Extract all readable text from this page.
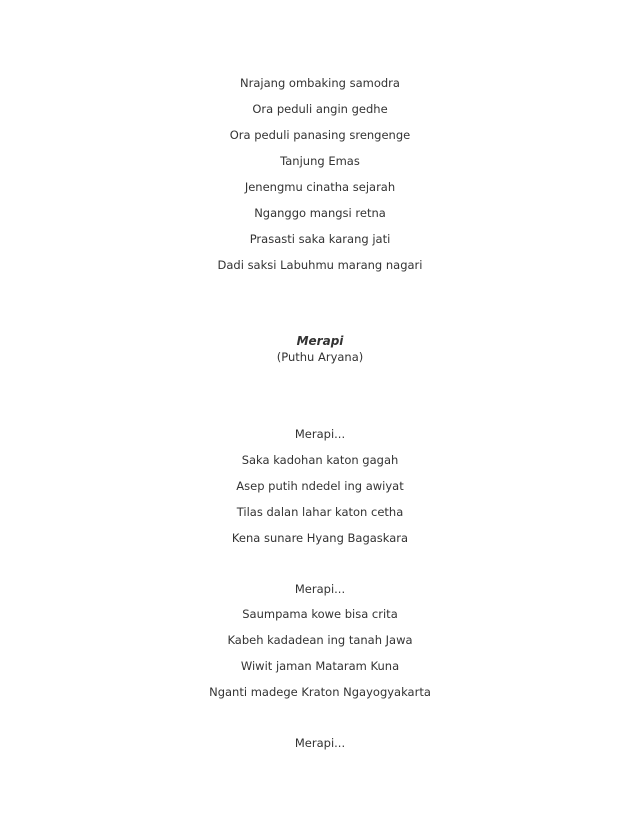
Nrajang ombaking samodra
Ora peduli angin gedhe
Ora peduli panasing srengenge
Tanjung Emas
Jenengmu cinatha sejarah
Nganggo mangsi retna
Prasasti saka karang jati
Dadi saksi Labuhmu marang nagari
Merapi
(Puthu Aryana)
Merapi...
Saka kadohan katon gagah
Asep putih ndedel ing awiyat
Tilas dalan lahar katon cetha
Kena sunare Hyang Bagaskara
Merapi...
Saumpama kowe bisa crita
Kabeh kadadean ing tanah Jawa
Wiwit jaman Mataram Kuna
Nganti madege Kraton Ngayogyakarta
Merapi...
